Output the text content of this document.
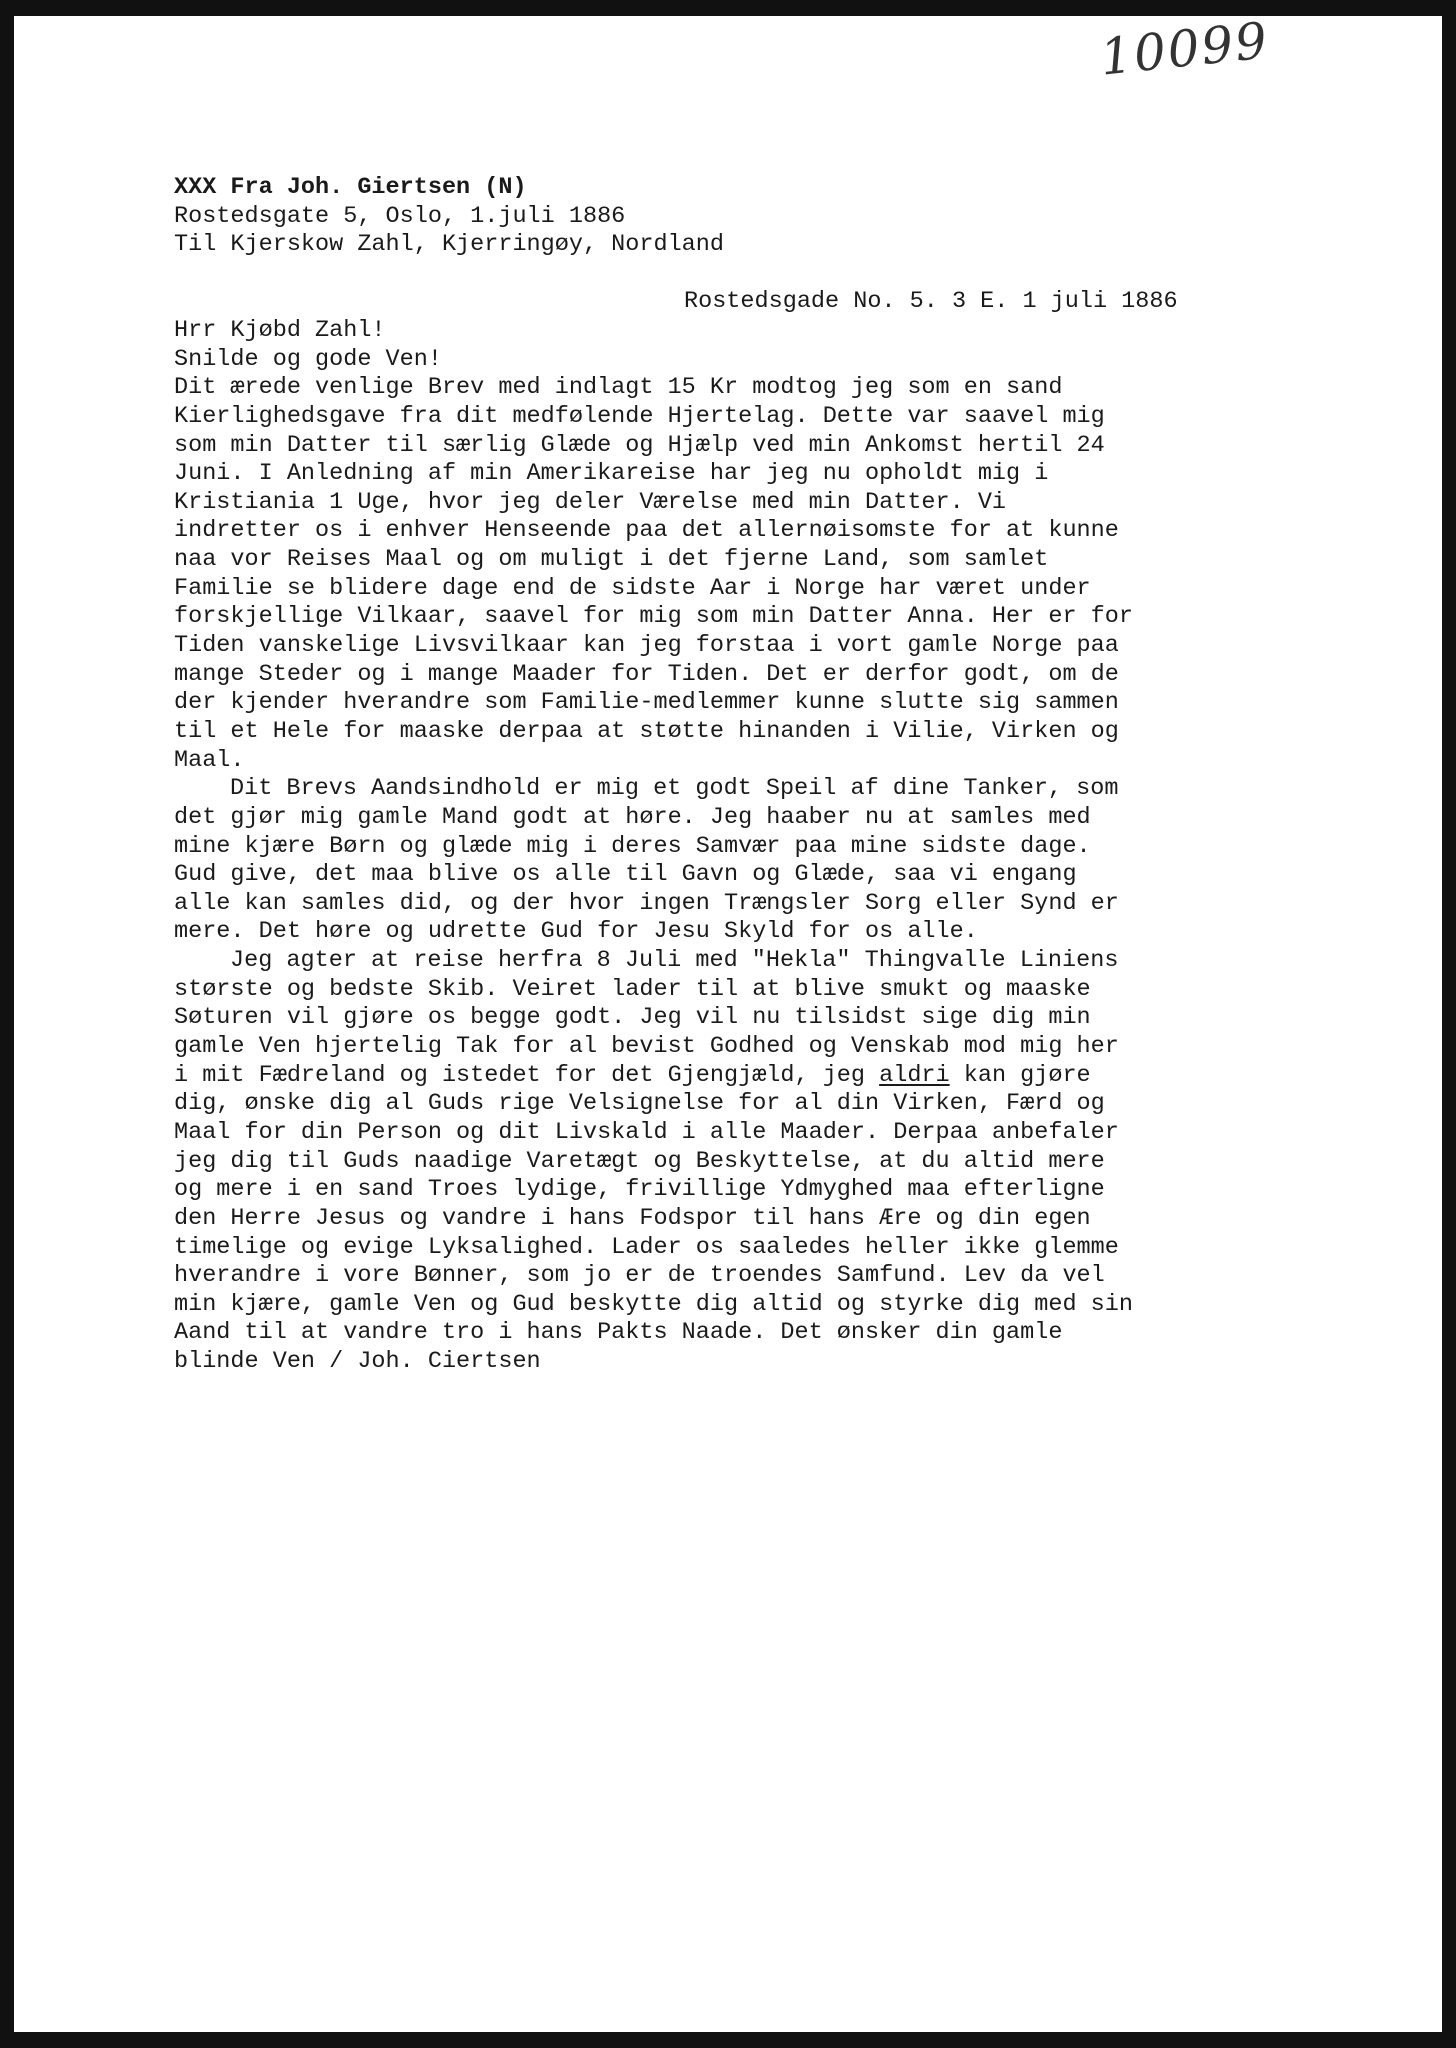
10099
XXX Fra Joh. Giertsen (N)
Rostedsgate 5, Oslo, 1.juli 1886
Til Kjerskow Zahl, Kjerringøy, Nordland
Rostedsgade No. 5. 3 E. 1 juli 1886
Hrr Kjøbd Zahl!
Snilde og gode Ven!
Dit ærede venlige Brev med indlagt 15 Kr modtog jeg som en sand
Kierlighedsgave fra dit medfølende Hjertelag. Dette var saavel mig
som min Datter til særlig Glæde og Hjælp ved min Ankomst hertil 24
Juni. I Anledning af min Amerikareise har jeg nu opholdt mig i
Kristiania 1 Uge, hvor jeg deler Værelse med min Datter. Vi
indretter os i enhver Henseende paa det allernøisomste for at kunne
naa vor Reises Maal og om muligt i det fjerne Land, som samlet
Familie se blidere dage end de sidste Aar i Norge har været under
forskjellige Vilkaar, saavel for mig som min Datter Anna. Her er for
Tiden vanskelige Livsvilkaar kan jeg forstaa i vort gamle Norge paa
mange Steder og i mange Maader for Tiden. Det er derfor godt, om de
der kjender hverandre som Familie-medlemmer kunne slutte sig sammen
til et Hele for maaske derpaa at støtte hinanden i Vilie, Virken og
Maal.
Dit Brevs Aandsindhold er mig et godt Speil af dine Tanker, som
det gjør mig gamle Mand godt at høre. Jeg haaber nu at samles med
mine kjære Børn og glæde mig i deres Samvær paa mine sidste dage.
Gud give, det maa blive os alle til Gavn og Glæde, saa vi engang
alle kan samles did, og der hvor ingen Trængsler Sorg eller Synd er
mere. Det høre og udrette Gud for Jesu Skyld for os alle.
Jeg agter at reise herfra 8 Juli med "Hekla" Thingvalle Liniens
største og bedste Skib. Veiret lader til at blive smukt og maaske
Søturen vil gjøre os begge godt. Jeg vil nu tilsidst sige dig min
gamle Ven hjertelig Tak for al bevist Godhed og Venskab mod mig her
i mit Fædreland og istedet for det Gjengjæld, jeg aldri kan gjøre
dig, ønske dig al Guds rige Velsignelse for al din Virken, Færd og
Maal for din Person og dit Livskald i alle Maader. Derpaa anbefaler
jeg dig til Guds naadige Varetægt og Beskyttelse, at du altid mere
og mere i en sand Troes lydige, frivillige Ydmyghed maa efterligne
den Herre Jesus og vandre i hans Fodspor til hans Ære og din egen
timelige og evige Lyksalighed. Lader os saaledes heller ikke glemme
hverandre i vore Bønner, som jo er de troendes Samfund. Lev da vel
min kjære, gamle Ven og Gud beskytte dig altid og styrke dig med sin
Aand til at vandre tro i hans Pakts Naade. Det ønsker din gamle
blinde Ven / Joh. Ciertsen
